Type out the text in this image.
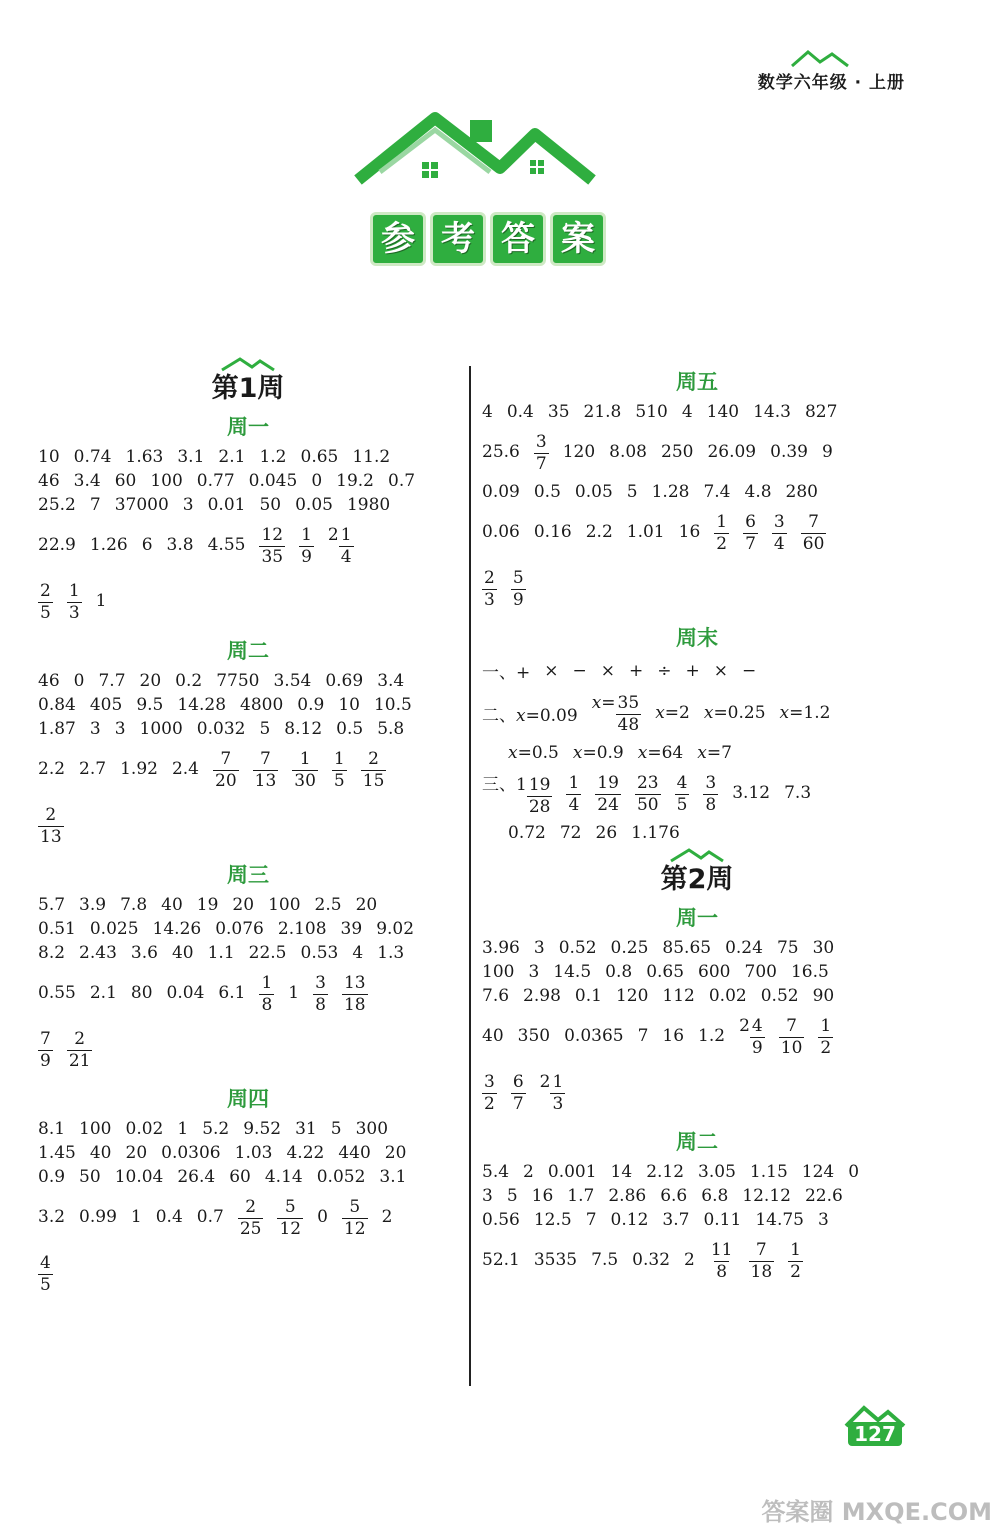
数学六年级 · 上册
参 考 答 案
第1周
周一
10 0.74 1.63 3.1 2.1 1.2 0.65 11.2
46 3.4 60 100 0.77 0.045 0 19.2 0.7
25.2 7 37000 3 0.01 50 0.05 1980
22.9 1.26 6 3.8 $4.55 \frac{12}{35} \frac{1}{9} 2 \frac{1}{4}$
$\frac{2}{5} \frac{1}{3} 1$
周二
46 0 7.7 20 0.2 7750 3.54 0.69 3.4
0.84 405 9.5 14.28 4800 0.9 10 10.5
1.87 3 3 1000 0.032 5 8.12 0.5 5.8
2.2 2.7 1.92 $2.4 \frac{7}{20} \frac{7}{13} \frac{1}{30} \frac{1}{5} \frac{2}{15}$
$\frac{2}{13}$
周三
5.7 3.9 7.8 40 19 20 100 2.5 20
0.51 0.025 14.26 0.076 2.108 39 9.02
8.2 2.43 3.6 40 1.1 22.5 0.53 4 1.3
0.55 2.1 80 0.04 $6.1 \frac{1}{8} 1 \frac{3}{8} \frac{13}{18}$
$\frac{7}{9} \frac{2}{21}$
周四
8.1 100 0.02 1 5.2 9.52 31 5 300
1.45 40 20 0.0306 1.03 4.22 440 20
0.9 50 10.04 26.4 60 4.14 0.052 3.1
3.2 0.99 1 0.4 $0.7 \frac{2}{25} \frac{5}{12} 0 \frac{5}{12} 2$
$\frac{4}{5}$
周五
4 0.4 35 21.8 510 4 140 14.3 827
$25.6 \frac{3}{7} 120$ 8.08 250 26.09 0.39 9
0.09 0.5 0.05 5 1.28 7.4 4.8 280
0.06 0.16 2.2 1.01 $16 \frac{1}{2} \frac{6}{7} \frac{3}{4} \frac{7}{60}$
$\frac{2}{3} \frac{5}{9}$
周末
一、+ × − × + ÷ + × −
二、x=0.09
$x= \frac{35}{48} x=2$ x=0.25 x=1.2
x=0.5 x=0.9 x=64 x=7
三、$1 \frac{19}{28} \frac{1}{4} \frac{19}{24} \frac{23}{50} \frac{4}{5} \frac{3}{8} 3.12$ 7.3
0.72 72 26 1.176
第2周
周一
3.96 3 0.52 0.25 85.65 0.24 75 30
100 3 14.5 0.8 0.65 600 700 16.5
7.6 2.98 0.1 120 112 0.02 0.52 90
40 350 0.0365 7 16 1.2
$2 \frac{4}{9} \frac{7}{10} \frac{1}{2}$
$\frac{3}{2} \frac{6}{7} 2 \frac{1}{3}$
周二
5.4 2 0.001 14 2.12 3.05 1.15 124 0
3 5 16 1.7 2.86 6.6 6.8 12.12 22.6
0.56 12.5 7 0.12 3.7 0.11 14.75 3
52.1 3535 7.5 0.32 $2 \frac{11}{8} \frac{7}{18} \frac{1}{2}$
127
答案圈 MXQE.COM
